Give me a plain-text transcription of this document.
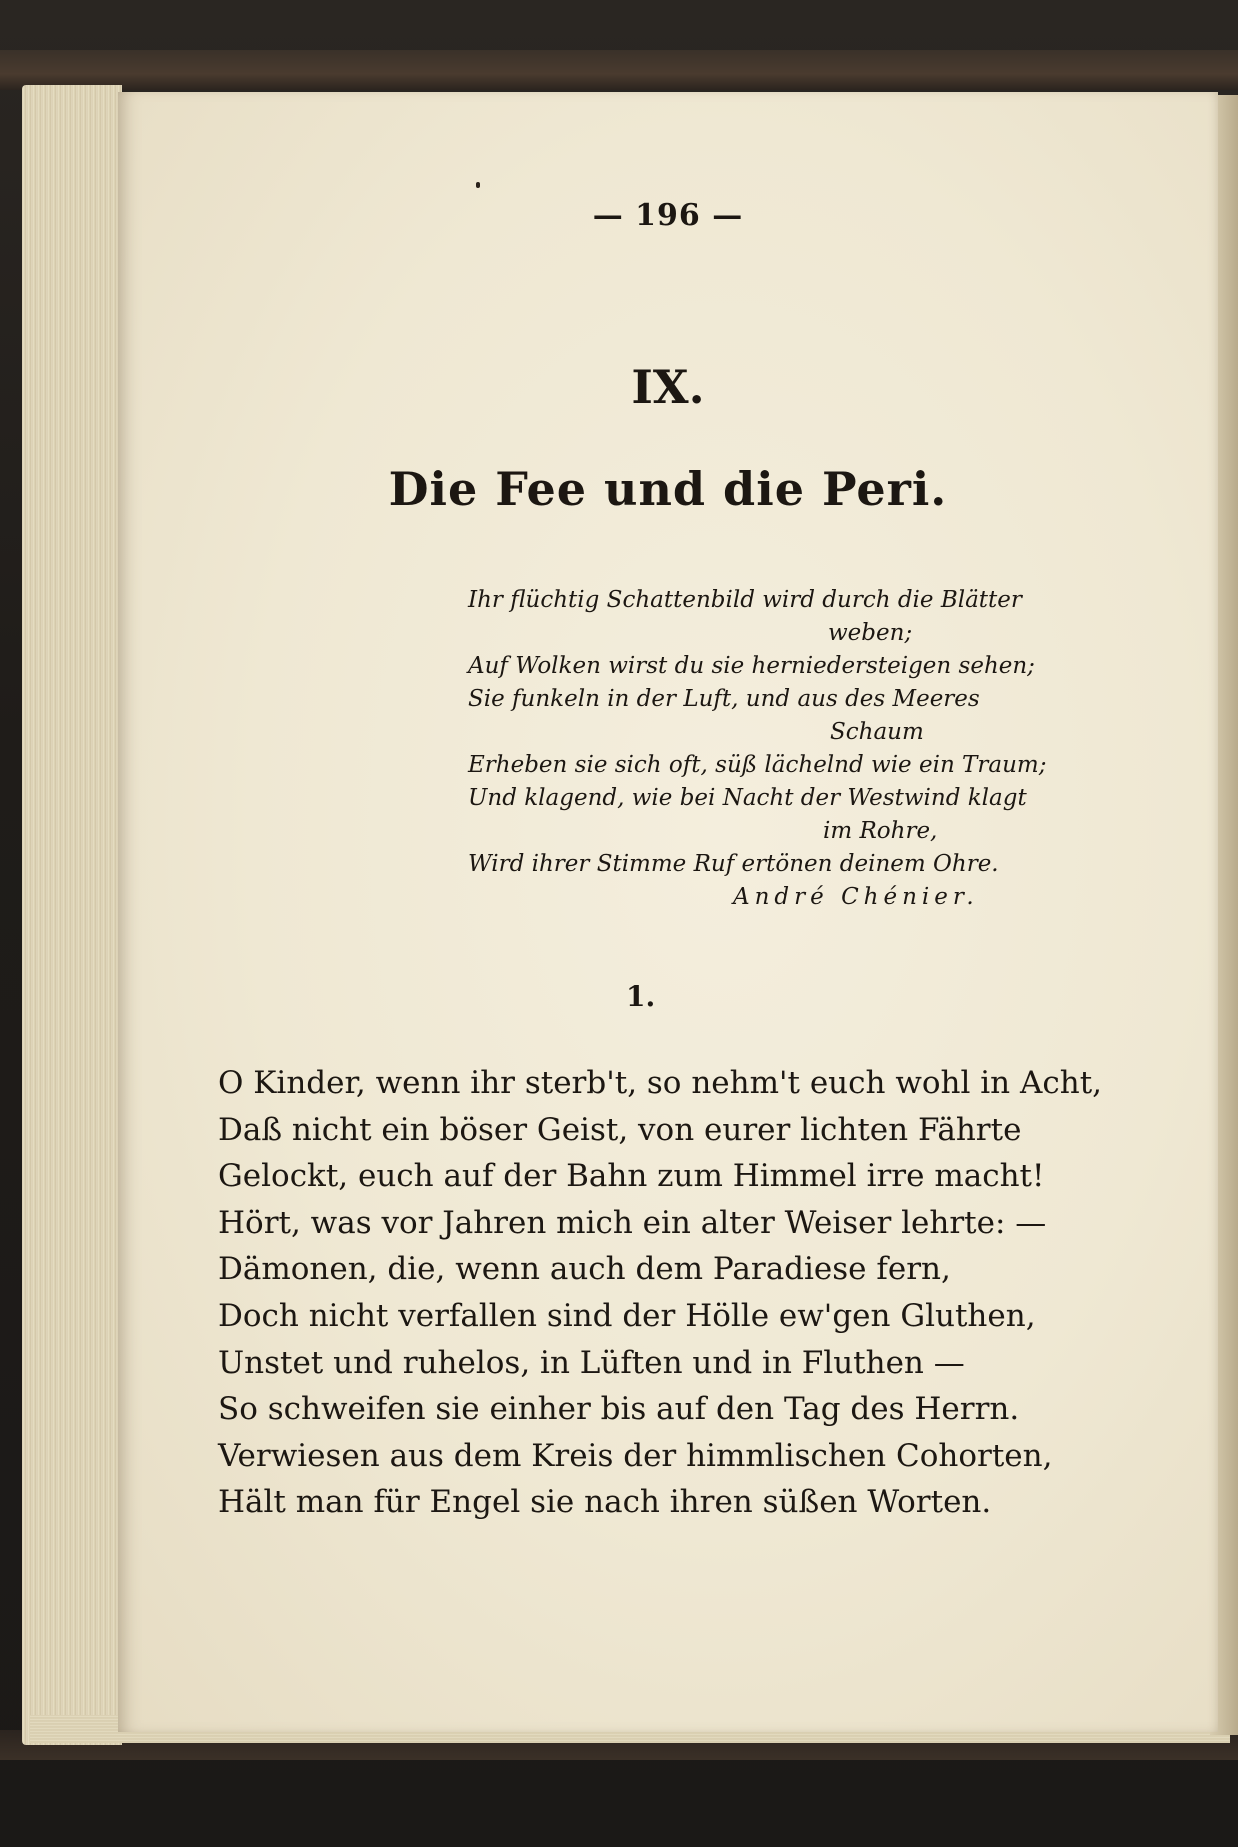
— 196 —
IX.
Die Fee und die Peri.
Ihr flüchtig Schattenbild wird durch die Blätter
weben;
Auf Wolken wirst du sie herniedersteigen sehen;
Sie funkeln in der Luft, und aus des Meeres
Schaum
Erheben sie sich oft, süß lächelnd wie ein Traum;
Und klagend, wie bei Nacht der Westwind klagt
im Rohre,
Wird ihrer Stimme Ruf ertönen deinem Ohre.
André Chénier.
1.
O Kinder, wenn ihr sterb't, so nehm't euch wohl in Acht,
Daß nicht ein böser Geist, von eurer lichten Fährte
Gelockt, euch auf der Bahn zum Himmel irre macht!
Hört, was vor Jahren mich ein alter Weiser lehrte: —
Dämonen, die, wenn auch dem Paradiese fern,
Doch nicht verfallen sind der Hölle ew'gen Gluthen,
Unstet und ruhelos, in Lüften und in Fluthen —
So schweifen sie einher bis auf den Tag des Herrn.
Verwiesen aus dem Kreis der himmlischen Cohorten,
Hält man für Engel sie nach ihren süßen Worten.
